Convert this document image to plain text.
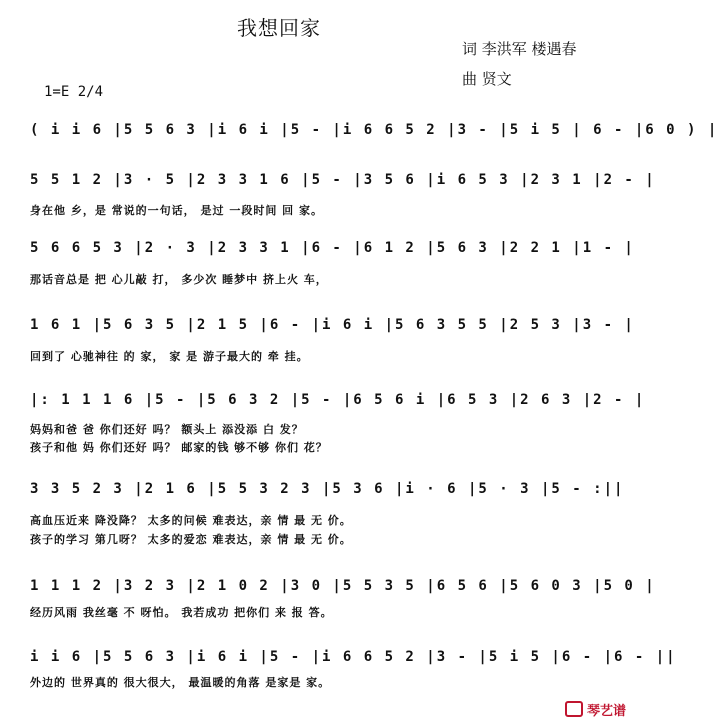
我想回家
词 李洪军 楼遇春
曲 贤文
1=E 2/4
( i i 6 |5 5 6 3 |i 6 i |5 - |i 6 6 5 2 |3 - |5 i 5 | 6 - |6 0 ) |
5 5 1 2 |3 · 5 |2 3 3 1 6 |5 - |3 5 6 |i 6 5 3 |2 3 1 |2 - |
身在他 乡，是 常说的一句话， 是过 一段时间 回 家。
5 6 6 5 3 |2 · 3 |2 3 3 1 |6 - |6 1 2 |5 6 3 |2 2 1 |1 - |
那话音总是 把 心儿敲 打， 多少次 睡梦中 挤上火 车，
1 6 1 |5 6 3 5 |2 1 5 |6 - |i 6 i |5 6 3 5 5 |2 5 3 |3 - |
回到了 心驰神往 的 家， 家 是 游子最大的 牵 挂。
|: 1 1 1 6 |5 - |5 6 3 2 |5 - |6 5 6 i |6 5 3 |2 6 3 |2 - |
妈妈和爸 爸 你们还好 吗？ 额头上 添没添 白 发？
孩子和他 妈 你们还好 吗？ 邮家的钱 够不够 你们 花？
3 3 5 2 3 |2 1 6 |5 5 3 2 3 |5 3 6 |i · 6 |5 · 3 |5 - :||
高血压近来 降没降？ 太多的问候 难表达，亲 情 最 无 价。
孩子的学习 第几呀？ 太多的爱恋 难表达，亲 情 最 无 价。
1 1 1 2 |3 2 3 |2 1 0 2 |3 0 |5 5 3 5 |6 5 6 |5 6 0 3 |5 0 |
经历风雨 我丝毫 不 呀怕。 我若成功 把你们 来 报 答。
i i 6 |5 5 6 3 |i 6 i |5 - |i 6 6 5 2 |3 - |5 i 5 |6 - |6 - ||
外边的 世界真的 很大很大， 最温暖的角落 是家是 家。
琴艺谱
